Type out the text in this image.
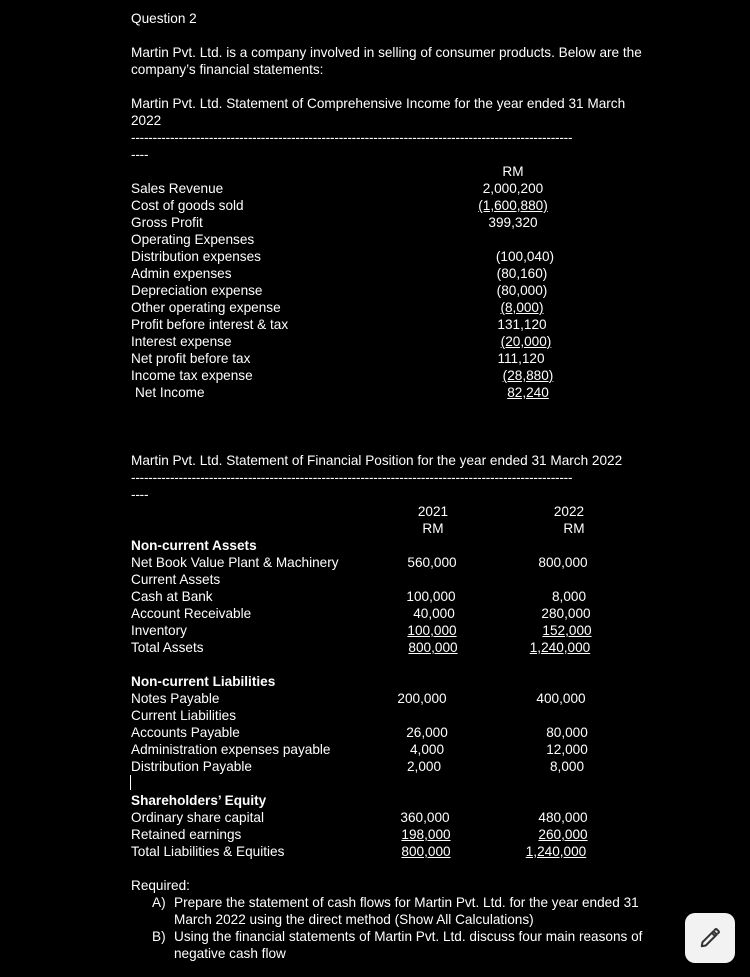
Question 2
Martin Pvt. Ltd. is a company involved in selling of consumer products. Below are the
company’s financial statements:
Martin Pvt. Ltd. Statement of Comprehensive Income for the year ended 31 March
2022
------------------------------------------------------------------------------------------------------
----
RM
Sales Revenue	2,000,200
Cost of goods sold	(1,600,880)
Gross Profit	399,320
Operating Expenses
Distribution expenses	(100,040)
Admin expenses	(80,160)
Depreciation expense	(80,000)
Other operating expense	(8,000)
Profit before interest & tax	131,120
Interest expense	(20,000)
Net profit before tax	111,120
Income tax expense	(28,880)
Net Income	82,240
Martin Pvt. Ltd. Statement of Financial Position for the year ended 31 March 2022
------------------------------------------------------------------------------------------------------
----
2021
RM
2022
RM
Non-current Assets
Net Book Value Plant & Machinery	560,000	800,000
Current Assets
Cash at Bank	100,000	8,000
Account Receivable	40,000	280,000
Inventory	100,000	152,000
Total Assets	800,000	1,240,000
Non-current Liabilities
Notes Payable	200,000	400,000
Current Liabilities
Accounts Payable	26,000	80,000
Administration expenses payable	4,000	12,000
Distribution Payable	2,000	8,000
Shareholders’ Equity
Ordinary share capital	360,000	480,000
Retained earnings	198,000	260,000
Total Liabilities & Equities	800,000	1,240,000
Required:
A) Prepare the statement of cash flows for Martin Pvt. Ltd. for the year ended 31
March 2022 using the direct method (Show All Calculations)
B) Using the financial statements of Martin Pvt. Ltd. discuss four main reasons of
negative cash flow
